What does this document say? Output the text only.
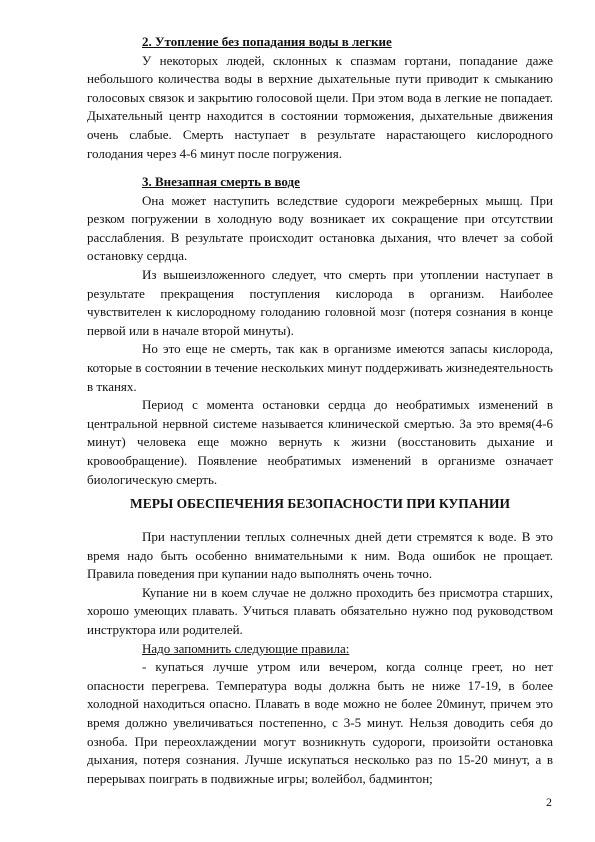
2. Утопление без попадания воды в легкие

У некоторых людей, склонных к спазмам гортани, попадание даже небольшого количества воды в верхние дыхательные пути приводит к смыканию голосовых связок и закрытию голосовой щели. При этом вода в легкие не попадает. Дыхательный центр находится в состоянии торможения, дыхательные движения очень слабые. Смерть наступает в результате нарастающего кислородного голодания через 4-6 минут после погружения.

3. Внезапная смерть в воде

Она может наступить вследствие судороги межреберных мышц. При резком погружении в холодную воду возникает их сокращение при отсутствии расслабления. В результате происходит остановка дыхания, что влечет за собой остановку сердца.

Из вышеизложенного следует, что смерть при утоплении наступает в результате прекращения поступления кислорода в организм. Наиболее чувствителен к кислородному голоданию головной мозг (потеря сознания в конце первой или в начале второй минуты).

Но это еще не смерть, так как в организме имеются запасы кислорода, которые в состоянии в течение нескольких минут поддерживать жизнедеятельность в тканях.

Период с момента остановки сердца до необратимых изменений в центральной нервной системе называется клинической смертью. За это время(4-6 минут) человека еще можно вернуть к жизни (восстановить дыхание и кровообращение). Появление необратимых изменений в организме означает биологическую смерть.

МЕРЫ ОБЕСПЕЧЕНИЯ БЕЗОПАСНОСТИ ПРИ КУПАНИИ

При наступлении теплых солнечных дней дети стремятся к воде. В это время надо быть особенно внимательными к ним. Вода ошибок не прощает. Правила поведения при купании надо выполнять очень точно.

Купание ни в коем случае не должно проходить без присмотра старших, хорошо умеющих плавать. Учиться плавать обязательно нужно под руководством инструктора или родителей.

Надо запомнить следующие правила:

- купаться лучше утром или вечером, когда солнце греет, но нет опасности перегрева. Температура воды должна быть не ниже 17-19, в более холодной находиться опасно. Плавать в воде можно не более 20минут, причем это время должно увеличиваться постепенно, с 3-5 минут. Нельзя доводить себя до озноба. При переохлаждении могут возникнуть судороги, произойти остановка дыхания, потеря сознания. Лучше искупаться несколько раз по 15-20 минут, а в перерывах поиграть в подвижные игры; волейбол, бадминтон;

2
